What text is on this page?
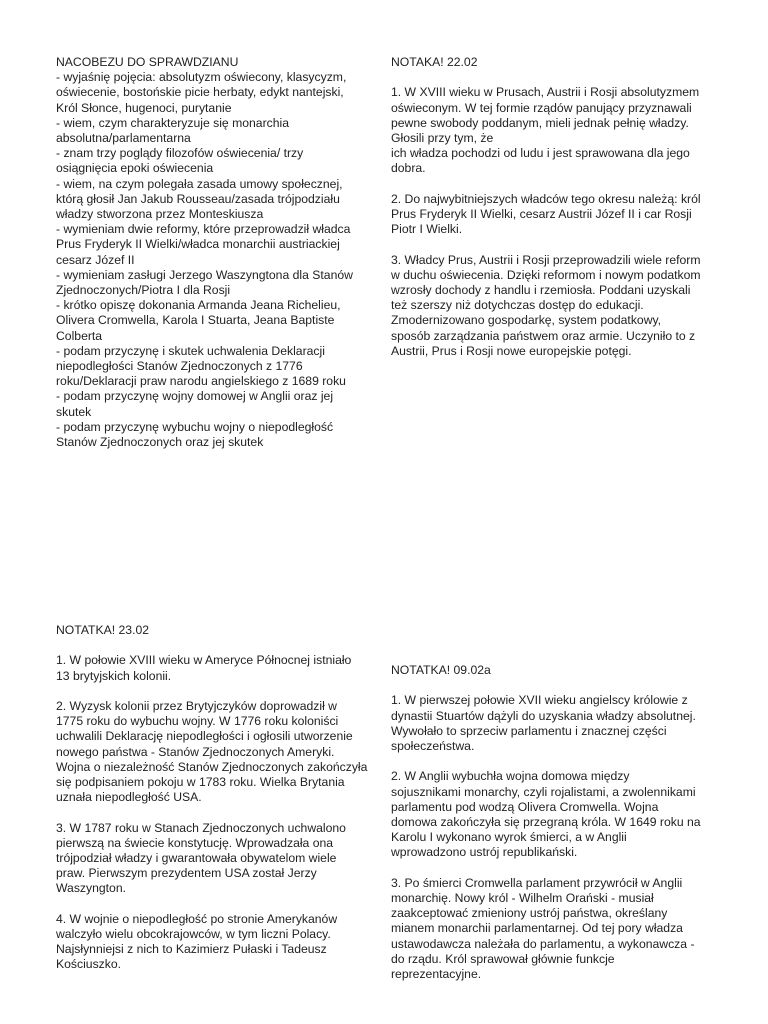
NACOBEZU DO SPRAWDZIANU
- wyjaśnię pojęcia: absolutyzm oświecony, klasycyzm,
oświecenie, bostońskie picie herbaty, edykt nantejski,
Król Słonce, hugenoci, purytanie
- wiem, czym charakteryzuje się monarchia
absolutna/parlamentarna
- znam trzy poglądy filozofów oświecenia/ trzy
osiągnięcia epoki oświecenia
- wiem, na czym polegała zasada umowy społecznej,
którą głosił Jan Jakub Rousseau/zasada trójpodziału
władzy stworzona przez Monteskiusza
- wymieniam dwie reformy, które przeprowadził władca
Prus Fryderyk II Wielki/władca monarchii austriackiej
cesarz Józef II
- wymieniam zasługi Jerzego Waszyngtona dla Stanów
Zjednoczonych/Piotra I dla Rosji
- krótko opiszę dokonania Armanda Jeana Richelieu,
Olivera Cromwella, Karola I Stuarta, Jeana Baptiste
Colberta
- podam przyczynę i skutek uchwalenia Deklaracji
niepodległości Stanów Zjednoczonych z 1776
roku/Deklaracji praw narodu angielskiego z 1689 roku
- podam przyczynę wojny domowej w Anglii oraz jej
skutek
- podam przyczynę wybuchu wojny o niepodległość
Stanów Zjednoczonych oraz jej skutek
NOTAKA! 22.02
1. W XVIII wieku w Prusach, Austrii i Rosji absolutyzmem
oświeconym. W tej formie rządów panujący przyznawali
pewne swobody poddanym, mieli jednak pełnię władzy.
Głosili przy tym, że
ich władza pochodzi od ludu i jest sprawowana dla jego
dobra.
2. Do najwybitniejszych władców tego okresu należą: król
Prus Fryderyk II Wielki, cesarz Austrii Józef II i car Rosji
Piotr I Wielki.
3. Władcy Prus, Austrii i Rosji przeprowadzili wiele reform
w duchu oświecenia. Dzięki reformom i nowym podatkom
wzrosły dochody z handlu i rzemiosła. Poddani uzyskali
też szerszy niż dotychczas dostęp do edukacji.
Zmodernizowano gospodarkę, system podatkowy,
sposób zarządzania państwem oraz armie. Uczyniło to z
Austrii, Prus i Rosji nowe europejskie potęgi.
NOTATKA! 23.02
1. W połowie XVIII wieku w Ameryce Północnej istniało
13 brytyjskich kolonii.
2. Wyzysk kolonii przez Brytyjczyków doprowadził w
1775 roku do wybuchu wojny. W 1776 roku koloniści
uchwalili Deklarację niepodległości i ogłosili utworzenie
nowego państwa - Stanów Zjednoczonych Ameryki.
Wojna o niezależność Stanów Zjednoczonych zakończyła
się podpisaniem pokoju w 1783 roku. Wielka Brytania
uznała niepodległość USA.
3. W 1787 roku w Stanach Zjednoczonych uchwalono
pierwszą na świecie konstytucję. Wprowadzała ona
trójpodział władzy i gwarantowała obywatelom wiele
praw. Pierwszym prezydentem USA został Jerzy
Waszyngton.
4. W wojnie o niepodległość po stronie Amerykanów
walczyło wielu obcokrajowców, w tym liczni Polacy.
Najsłynniejsi z nich to Kazimierz Pułaski i Tadeusz
Kościuszko.
NOTATKA! 09.02a
1. W pierwszej połowie XVII wieku angielscy królowie z
dynastii Stuartów dążyli do uzyskania władzy absolutnej.
Wywołało to sprzeciw parlamentu i znacznej części
społeczeństwa.
2. W Anglii wybuchła wojna domowa między
sojusznikami monarchy, czyli rojalistami, a zwolennikami
parlamentu pod wodzą Olivera Cromwella. Wojna
domowa zakończyła się przegraną króla. W 1649 roku na
Karolu I wykonano wyrok śmierci, a w Anglii
wprowadzono ustrój republikański.
3. Po śmierci Cromwella parlament przywrócił w Anglii
monarchię. Nowy król - Wilhelm Orański - musiał
zaakceptować zmieniony ustrój państwa, określany
mianem monarchii parlamentarnej. Od tej pory władza
ustawodawcza należała do parlamentu, a wykonawcza -
do rządu. Król sprawował głównie funkcje
reprezentacyjne.
